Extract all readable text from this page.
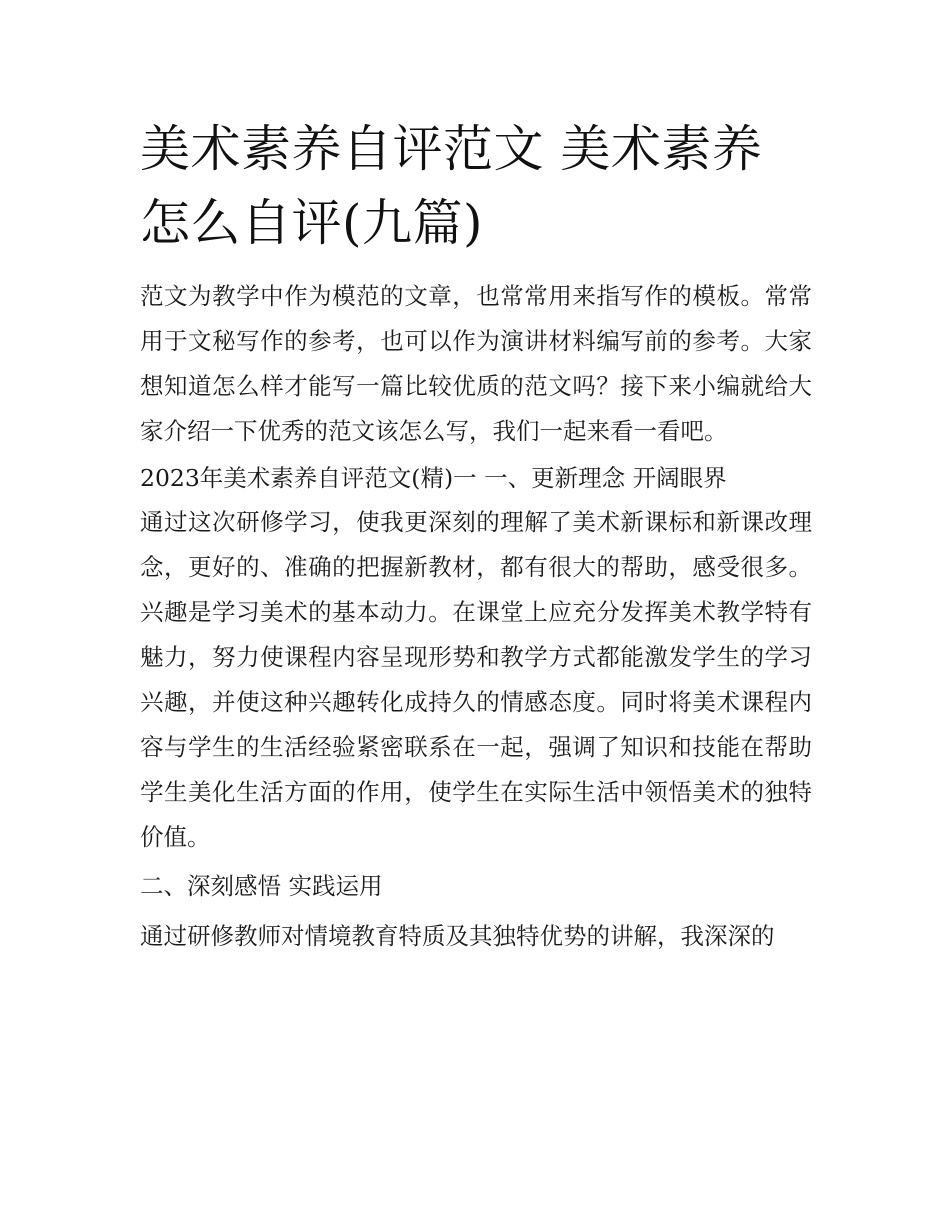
美术素养自评范文 美术素养怎么自评(九篇)

范文为教学中作为模范的文章，也常常用来指写作的模板。常常用于文秘写作的参考，也可以作为演讲材料编写前的参考。大家想知道怎么样才能写一篇比较优质的范文吗？接下来小编就给大家介绍一下优秀的范文该怎么写，我们一起来看一看吧。

2023年美术素养自评范文(精)一 一、更新理念 开阔眼界

通过这次研修学习，使我更深刻的理解了美术新课标和新课改理念，更好的、准确的把握新教材，都有很大的帮助，感受很多。兴趣是学习美术的基本动力。在课堂上应充分发挥美术教学特有魅力，努力使课程内容呈现形势和教学方式都能激发学生的学习兴趣，并使这种兴趣转化成持久的情感态度。同时将美术课程内容与学生的生活经验紧密联系在一起，强调了知识和技能在帮助学生美化生活方面的作用，使学生在实际生活中领悟美术的独特价值。

二、深刻感悟 实践运用

通过研修教师对情境教育特质及其独特优势的讲解，我深深的
